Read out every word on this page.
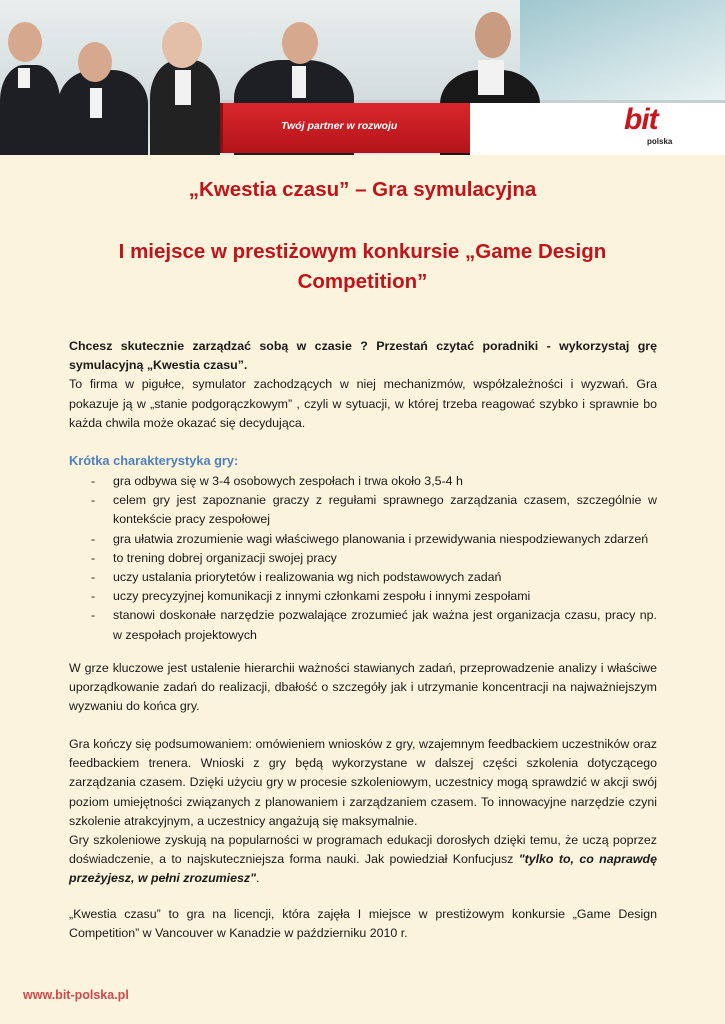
Twój partner w rozwoju	bit
polska
„Kwestia czasu” – Gra symulacyjna
I miejsce w prestiżowym konkursie „Game Design
Competition”
Chcesz skutecznie zarządzać sobą w czasie ? Przestań czytać poradniki - wykorzystaj grę symulacyjną „Kwestia czasu”.
To firma w pigułce, symulator zachodzących w niej mechanizmów, współzależności i wyzwań. Gra pokazuje ją w „stanie podgorączkowym” , czyli w sytuacji, w której trzeba reagować szybko i sprawnie bo każda chwila może okazać się decydująca.
Krótka charakterystyka gry:
- gra odbywa się w 3-4 osobowych zespołach i trwa około 3,5-4 h
- celem gry jest zapoznanie graczy z regułami sprawnego zarządzania czasem, szczególnie w kontekście pracy zespołowej
- gra ułatwia zrozumienie wagi właściwego planowania i przewidywania niespodziewanych zdarzeń
- to trening dobrej organizacji swojej pracy
- uczy ustalania priorytetów i realizowania wg nich podstawowych zadań
- uczy precyzyjnej komunikacji z innymi członkami zespołu i innymi zespołami
- stanowi doskonałe narzędzie pozwalające zrozumieć jak ważna jest organizacja czasu, pracy np. w zespołach projektowych
W grze kluczowe jest ustalenie hierarchii ważności stawianych zadań, przeprowadzenie analizy i właściwe uporządkowanie zadań do realizacji, dbałość o szczegóły jak i utrzymanie koncentracji na najważniejszym wyzwaniu do końca gry.
Gra kończy się podsumowaniem: omówieniem wniosków z gry, wzajemnym feedbackiem uczestników oraz feedbackiem trenera. Wnioski z gry będą wykorzystane w dalszej części szkolenia dotyczącego zarządzania czasem. Dzięki użyciu gry w procesie szkoleniowym, uczestnicy mogą sprawdzić w akcji swój poziom umiejętności związanych z planowaniem i zarządzaniem czasem. To innowacyjne narzędzie czyni szkolenie atrakcyjnym, a uczestnicy angażują się maksymalnie.
Gry szkoleniowe zyskują na popularności w programach edukacji dorosłych dzięki temu, że uczą poprzez doświadczenie, a to najskuteczniejsza forma nauki. Jak powiedział Konfucjusz "tylko to, co naprawdę przeżyjesz, w pełni zrozumiesz".
„Kwestia czasu” to gra na licencji, która zajęła I miejsce w prestiżowym konkursie „Game Design Competition” w Vancouver w Kanadzie w październiku 2010 r.
www.bit-polska.pl
